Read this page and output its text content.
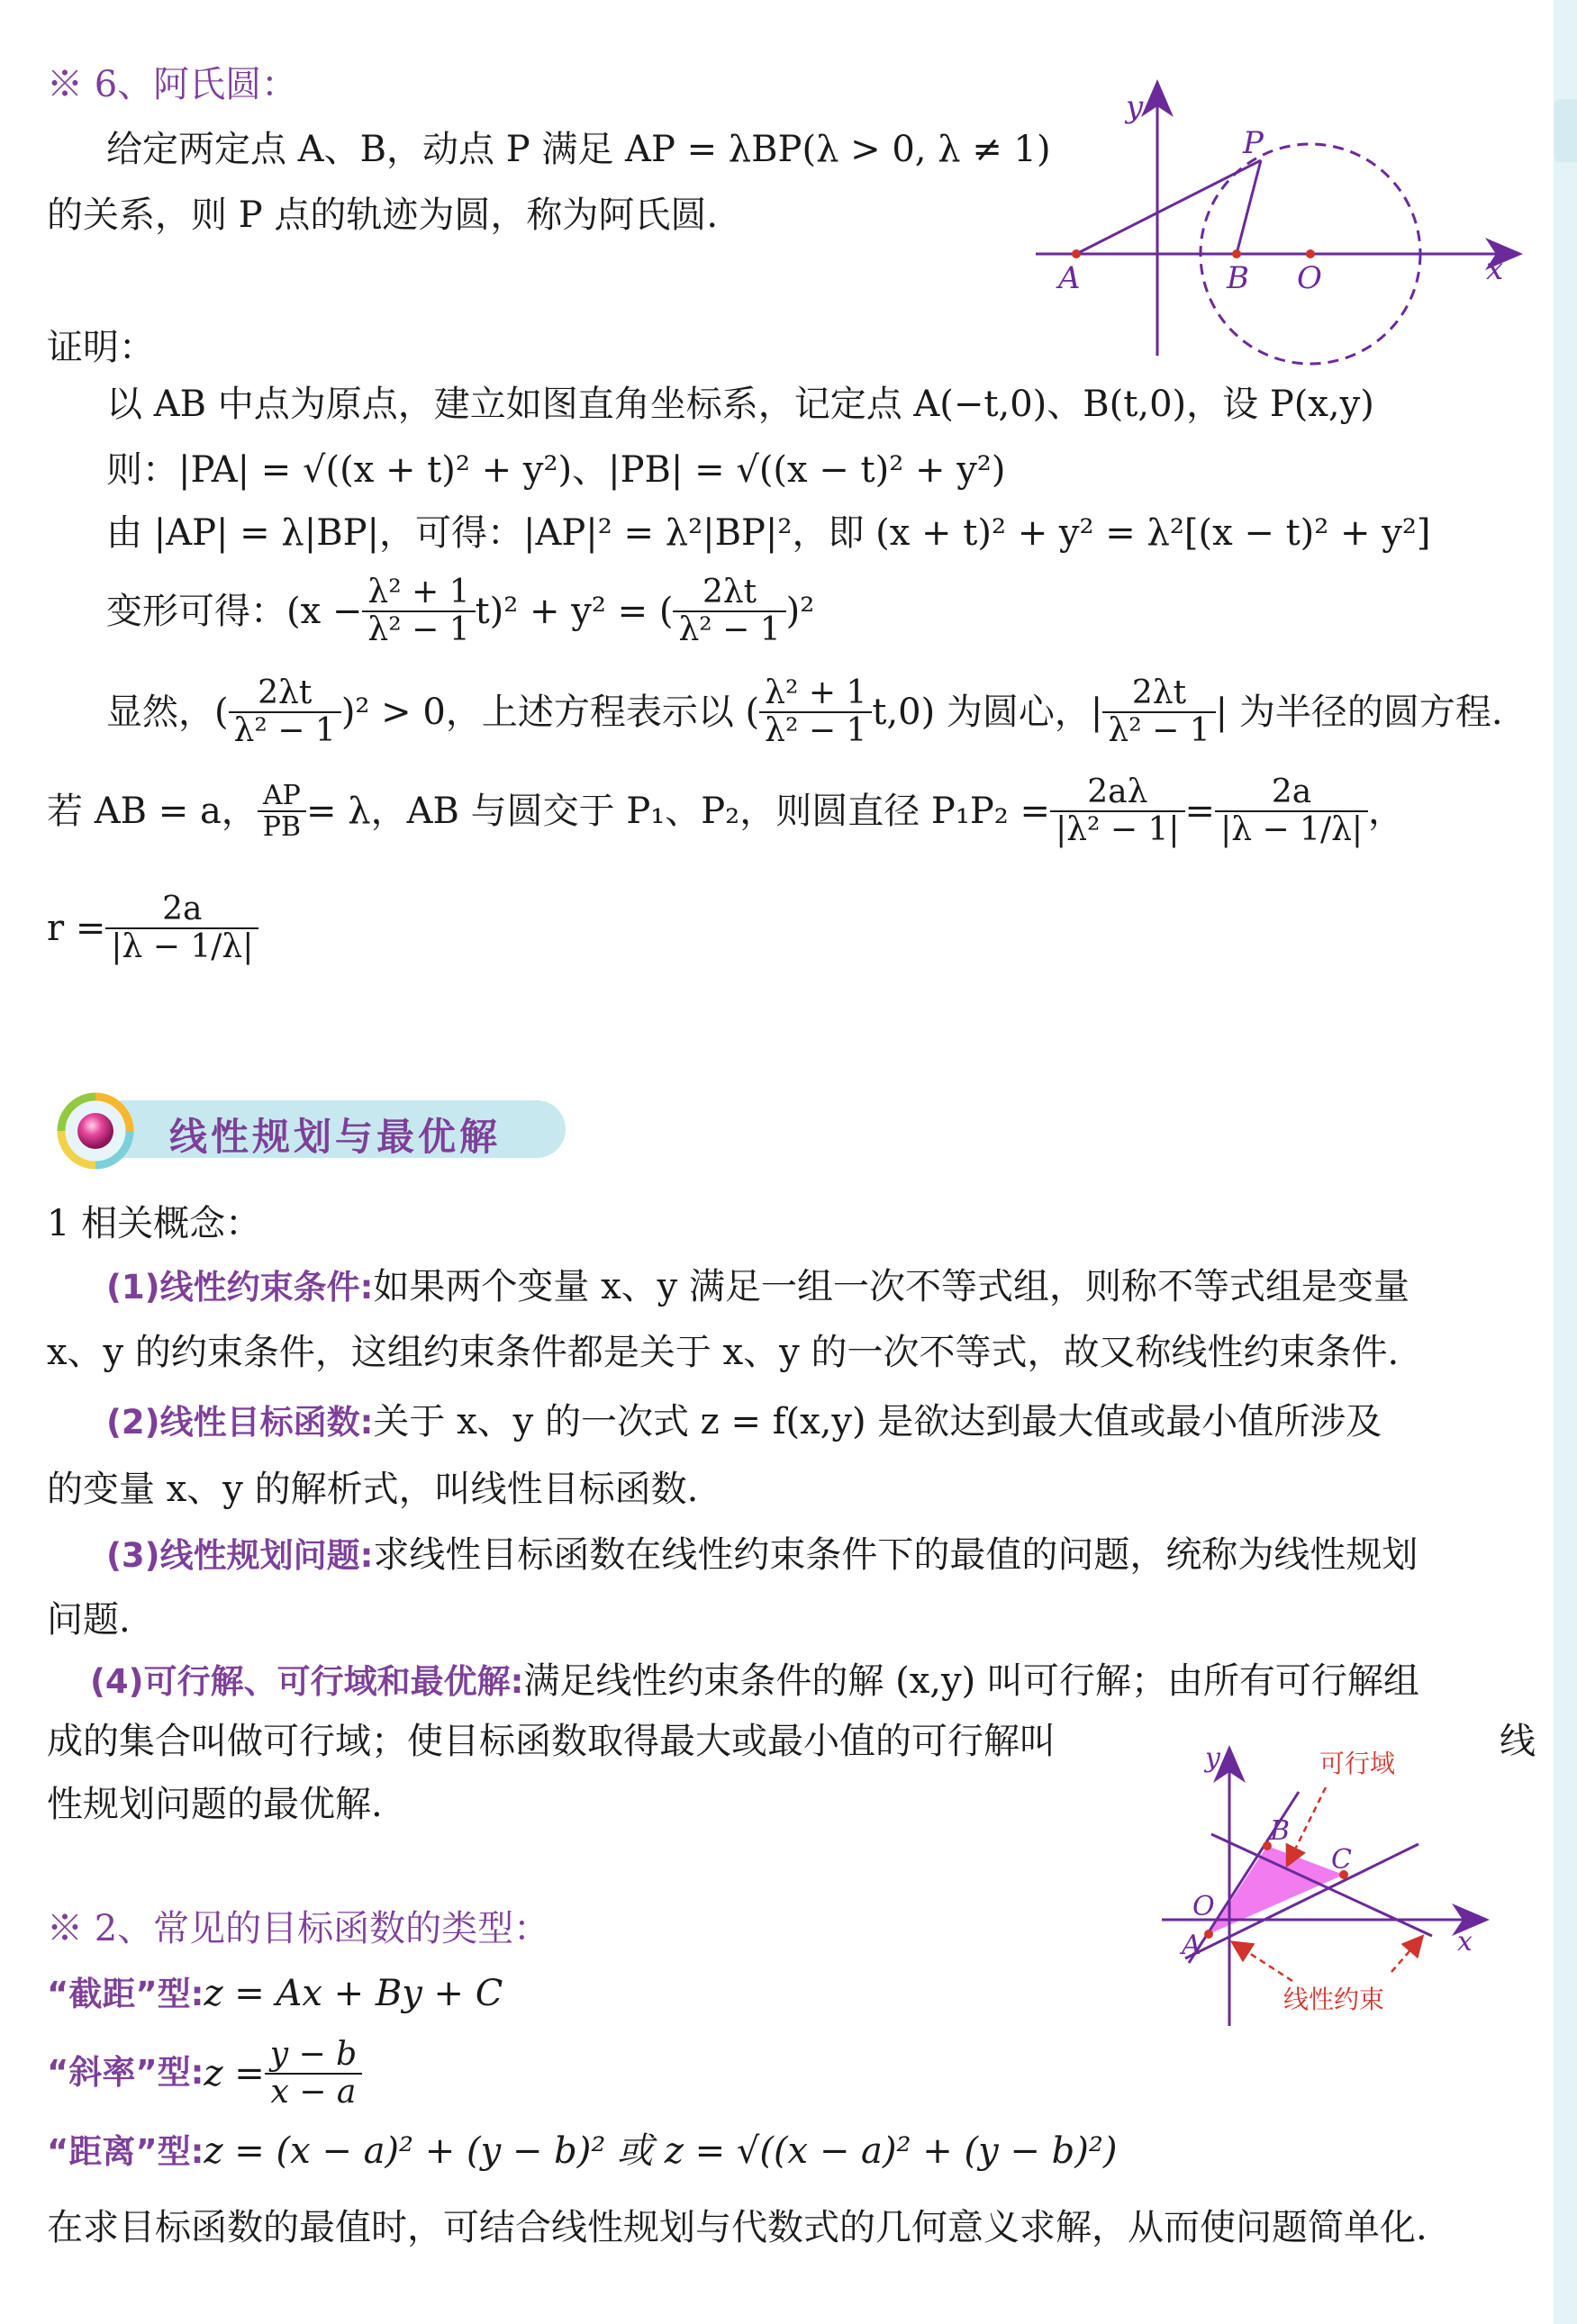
※ 6、阿氏圆：
给定两定点 A、B，动点 P 满足 AP = λBP(λ > 0, λ ≠ 1)
的关系，则 P 点的轨迹为圆，称为阿氏圆.
y
x
A	B O
P
证明：
以 AB 中点为原点，建立如图直角坐标系，记定点 A(−t,0)、B(t,0)，设 P(x,y)
则：|PA| = √((x + t)² + y²)、|PB| = √((x − t)² + y²)
由 |AP| = λ|BP|，可得：|AP|² = λ²|BP|²，即 (x + t)² + y² = λ²[(x − t)² + y²]
变形可得：$(x - \frac{\text{λ² + 1}}{\text{λ² − 1}} t)^2 + y^2$ = ( $\frac{2\lambda t}{\text{λ² − 1}} )^2$
显然，( $\frac{2\lambda t}{\text{λ² − 1}} )^2 > 0$，上述方程表示以 ( $\frac{\text{λ² + 1}}{\text{λ² − 1}} t,0$) 为圆心，| $\frac{2\lambda t}{\text{λ² − 1}}$ | 为半径的圆方程.
若 AB = a， $\frac{AP}{PB} = \lambda$，AB 与圆交于 P₁、P₂，则圆直径 $P_1P_2 = \frac{2a\lambda}{\text{|λ² − 1|}} = \frac{2a}{|\lambda - 1/\lambda|}$ ，
$r = \frac{2a}{|\lambda - 1/\lambda|}$
线性规划与最优解
1 相关概念：
(1)线性约束条件:如果两个变量 x、y 满足一组一次不等式组，则称不等式组是变量
x、y 的约束条件，这组约束条件都是关于 x、y 的一次不等式，故又称线性约束条件.
(2)线性目标函数:关于 x、y 的一次式 z = f(x,y) 是欲达到最大值或最小值所涉及
的变量 x、y 的解析式，叫线性目标函数.
(3)线性规划问题:求线性目标函数在线性约束条件下的最值的问题，统称为线性规划
问题.
(4)可行解、可行域和最优解:满足线性约束条件的解 (x,y) 叫可行解；由所有可行解组
成的集合叫做可行域；使目标函数取得最大或最小值的可行解叫	线
性规划问题的最优解.
y
x
O
A
B
C
可行域
线性约束
※ 2、常见的目标函数的类型：
“截距”型:z = Ax + By + C
“斜率”型: $z = \frac{y - b}{x - a}$
“距离”型:z = (x − a)² + (y − b)² 或 z = √((x − a)² + (y − b)²)
在求目标函数的最值时，可结合线性规划与代数式的几何意义求解，从而使问题简单化.
